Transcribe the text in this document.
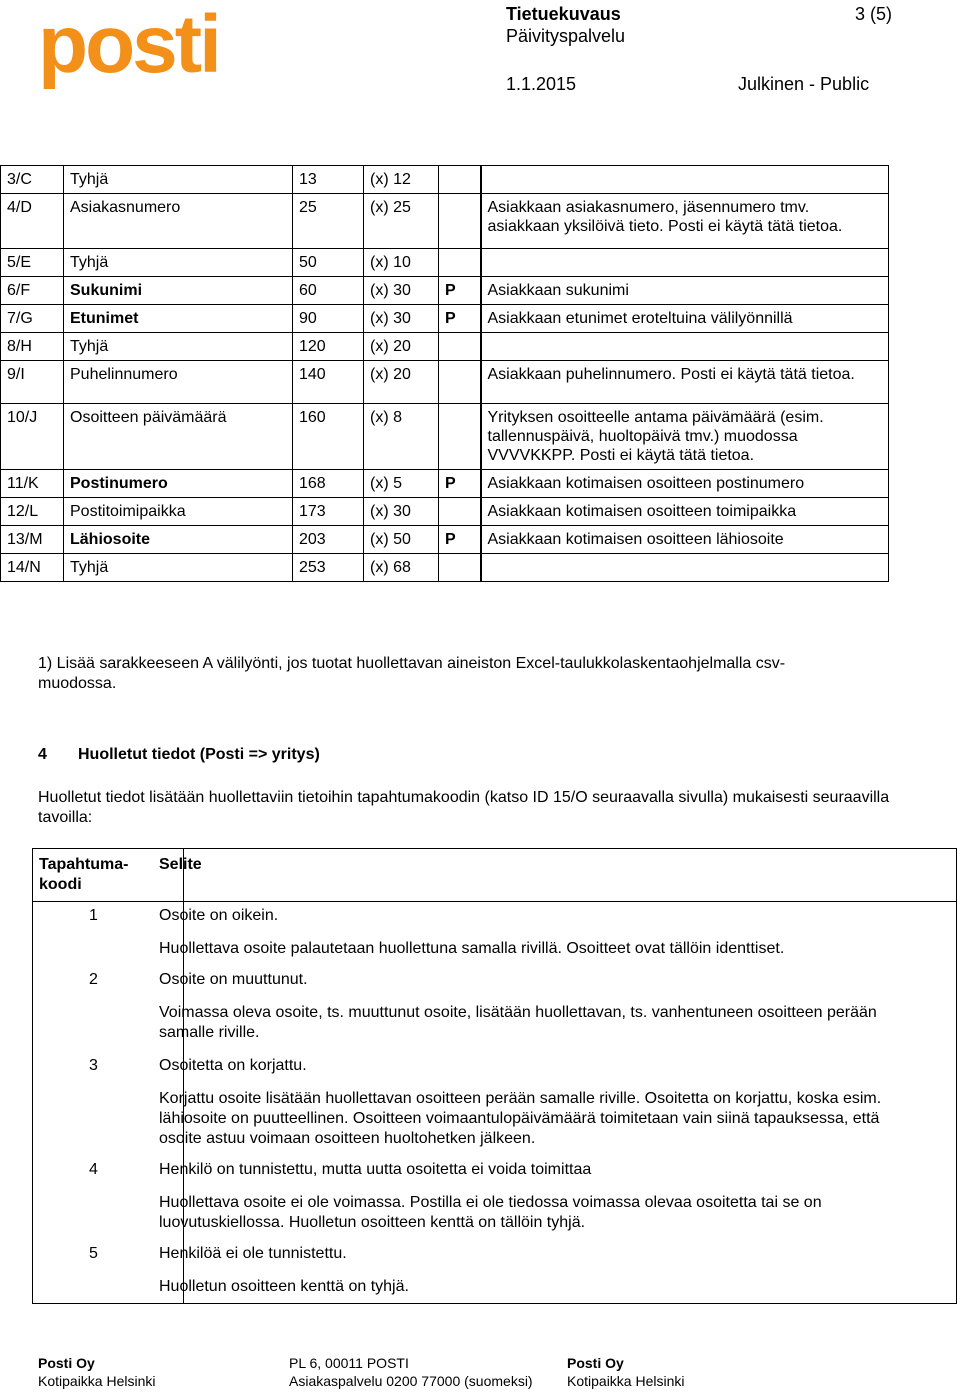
posti	Tietuekuvaus	3 (5)
Päivityspalvelu
1.1.2015	Julkinen - Public
3/C	Tyhjä	13	(x) 12		
4/D	Asiakasnumero	25	(x) 25		Asiakkaan asiakasnumero, jäsennumero tmv. asiakkaan yksilöivä tieto. Posti ei käytä tätä tietoa.
5/E	Tyhjä	50	(x) 10		
6/F	Sukunimi	60	(x) 30	P	Asiakkaan sukunimi
7/G	Etunimet	90	(x) 30	P	Asiakkaan etunimet eroteltuina välilyönnillä
8/H	Tyhjä	120	(x) 20		
9/I	Puhelinnumero	140	(x) 20		Asiakkaan puhelinnumero. Posti ei käytä tätä tietoa.
10/J	Osoitteen päivämäärä	160	(x) 8		Yrityksen osoitteelle antama päivämäärä (esim. tallennuspäivä, huoltopäivä tmv.) muodossa VVVVKKPP. Posti ei käytä tätä tietoa.
11/K	Postinumero	168	(x) 5	P	Asiakkaan kotimaisen osoitteen postinumero
12/L	Postitoimipaikka	173	(x) 30		Asiakkaan kotimaisen osoitteen toimipaikka
13/M	Lähiosoite	203	(x) 50	P	Asiakkaan kotimaisen osoitteen lähiosoite
14/N	Tyhjä	253	(x) 68		
1) Lisää sarakkeeseen A välilyönti, jos tuotat huollettavan aineiston Excel-taulukkolaskentaohjelmalla csv-muodossa.
4 Huolletut tiedot (Posti => yritys)
Huolletut tiedot lisätään huollettaviin tietoihin tapahtumakoodin (katso ID 15/O seuraavalla sivulla) mukaisesti seuraavilla tavoilla:
Tapahtuma-
koodi
Selite
1	Osoite on oikein.
Huollettava osoite palautetaan huollettuna samalla rivillä. Osoitteet ovat tällöin identtiset.
2	Osoite on muuttunut.
Voimassa oleva osoite, ts. muuttunut osoite, lisätään huollettavan, ts. vanhentuneen osoitteen perään samalle riville.
3	Osoitetta on korjattu.
Korjattu osoite lisätään huollettavan osoitteen perään samalle riville. Osoitetta on korjattu, koska esim. lähiosoite on puutteellinen. Osoitteen voimaantulopäivämäärä toimitetaan vain siinä tapauksessa, että osoite astuu voimaan osoitteen huoltohetken jälkeen.
4	Henkilö on tunnistettu, mutta uutta osoitetta ei voida toimittaa
Huollettava osoite ei ole voimassa. Postilla ei ole tiedossa voimassa olevaa osoitetta tai se on luovutuskiellossa. Huolletun osoitteen kenttä on tällöin tyhjä.
5	Henkilöä ei ole tunnistettu.
Huolletun osoitteen kenttä on tyhjä.
Posti Oy
Kotipaikka Helsinki
PL 6, 00011 POSTI
Asiakaspalvelu 0200 77000 (suomeksi)
Posti Oy
Kotipaikka Helsinki
